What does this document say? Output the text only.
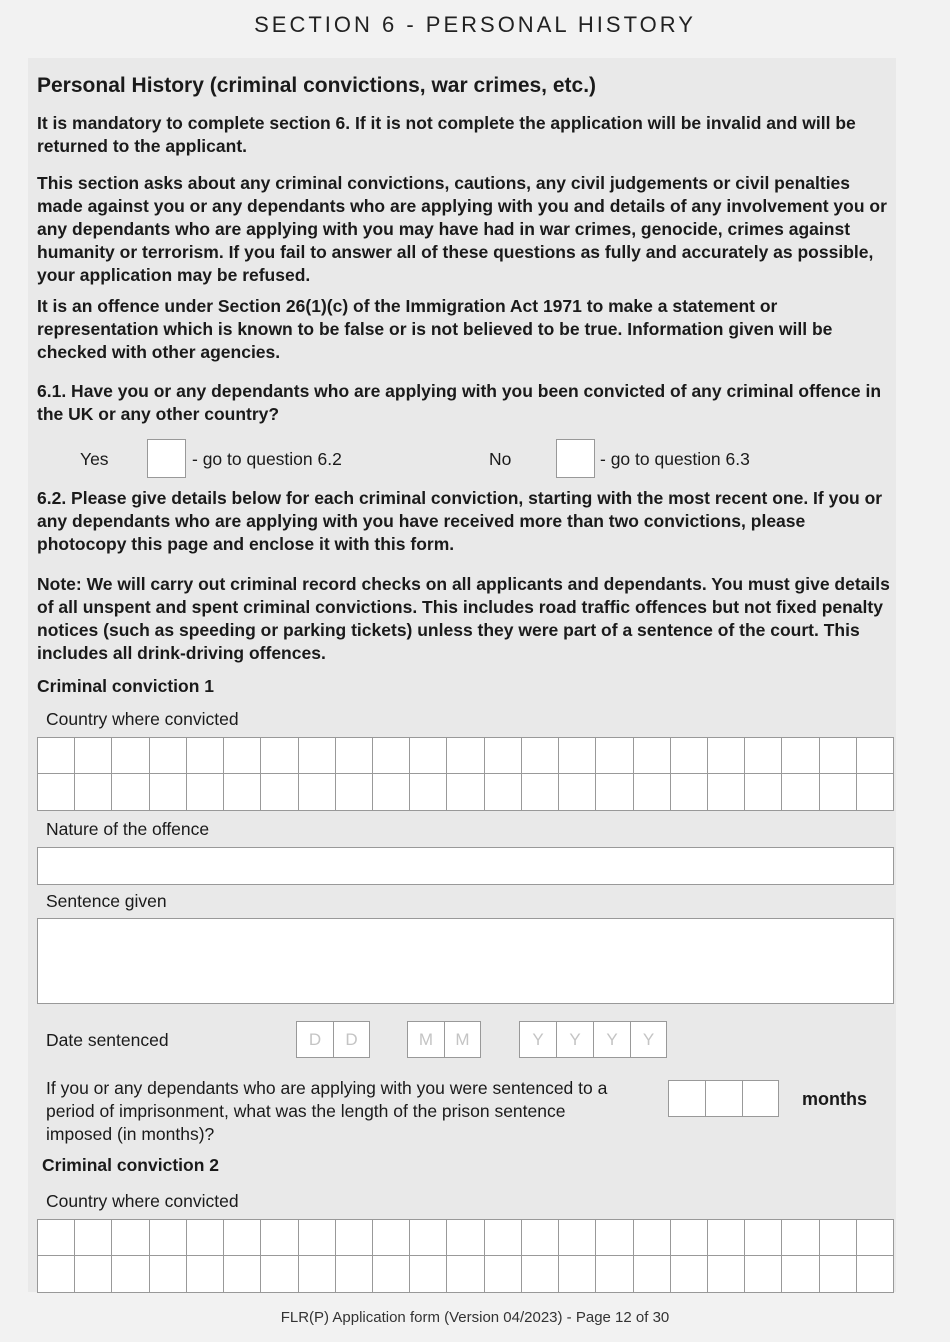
SECTION 6 - PERSONAL HISTORY
Personal History (criminal convictions, war crimes, etc.)
It is mandatory to complete section 6. If it is not complete the application will be invalid and will be returned to the applicant.
This section asks about any criminal convictions, cautions, any civil judgements or civil penalties made against you or any dependants who are applying with you and details of any involvement you or any dependants who are applying with you may have had in war crimes, genocide, crimes against humanity or terrorism. If you fail to answer all of these questions as fully and accurately as possible, your application may be refused.
It is an offence under Section 26(1)(c) of the Immigration Act 1971 to make a statement or representation which is known to be false or is not believed to be true. Information given will be checked with other agencies.
6.1. Have you or any dependants who are applying with you been convicted of any criminal offence in the UK or any other country?
Yes	- go to question 6.2	No	- go to question 6.3
6.2. Please give details below for each criminal conviction, starting with the most recent one. If you or any dependants who are applying with you have received more than two convictions, please photocopy this page and enclose it with this form.
Note: We will carry out criminal record checks on all applicants and dependants. You must give details of all unspent and spent criminal convictions. This includes road traffic offences but not fixed penalty notices (such as speeding or parking tickets) unless they were part of a sentence of the court. This includes all drink-driving offences.
Criminal conviction 1
Country where convicted
Nature of the offence
Sentence given
Date sentenced	D	D	M	M	Y	Y	Y	Y
If you or any dependants who are applying with you were sentenced to a period of imprisonment, what was the length of the prison sentence imposed (in months)?
months
Criminal conviction 2
Country where convicted
FLR(P) Application form (Version 04/2023) - Page 12 of 30
